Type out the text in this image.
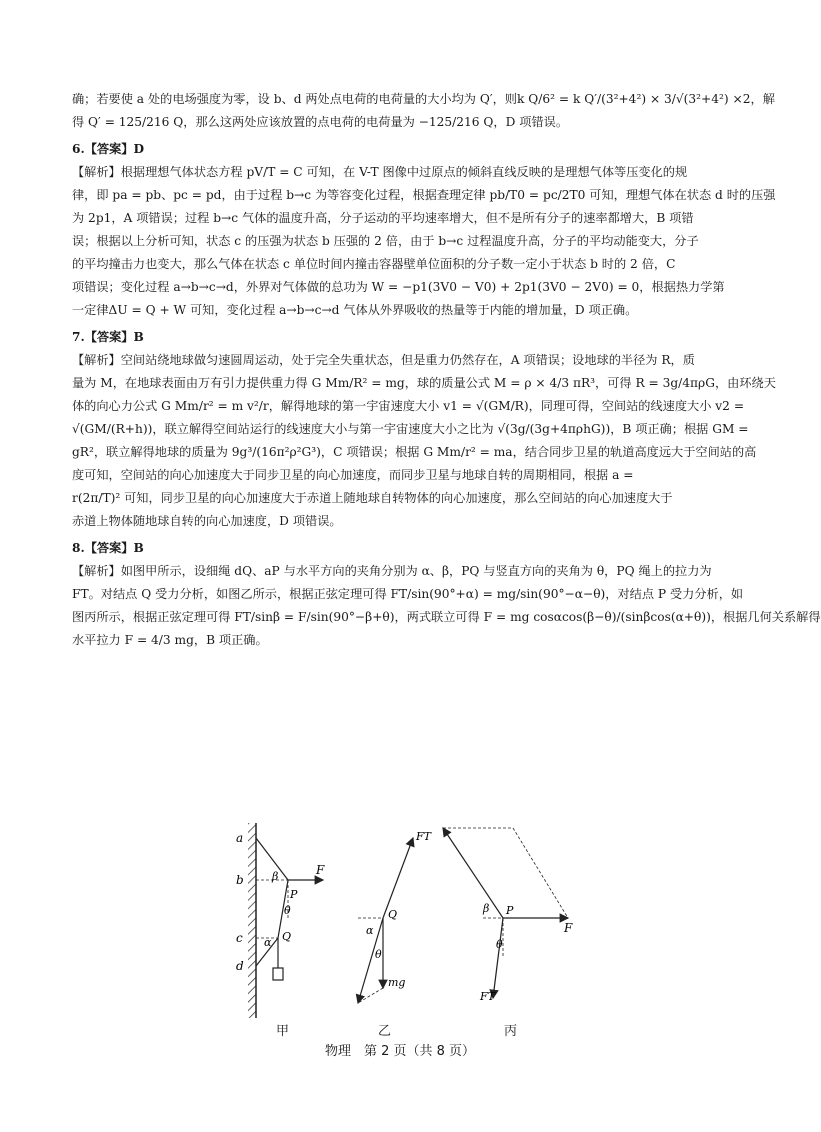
确；若要使 a 处的电场强度为零，设 b、d 两处点电荷的电荷量的大小均为 Q′，则k Q/6² = k Q′/(3²+4²) × 3/√(3²+4²) ×2，解

得 Q′ = 125/216 Q，那么这两处应该放置的点电荷的电荷量为 −125/216 Q，D 项错误。

6.【答案】D

【解析】根据理想气体状态方程 pV/T = C 可知，在 V-T 图像中过原点的倾斜直线反映的是理想气体等压变化的规

律，即 pa = pb、pc = pd，由于过程 b→c 为等容变化过程，根据查理定律 pb/T0 = pc/2T0 可知，理想气体在状态 d 时的压强

为 2p1，A 项错误；过程 b→c 气体的温度升高，分子运动的平均速率增大，但不是所有分子的速率都增大，B 项错

误；根据以上分析可知，状态 c 的压强为状态 b 压强的 2 倍，由于 b→c 过程温度升高，分子的平均动能变大，分子

的平均撞击力也变大，那么气体在状态 c 单位时间内撞击容器壁单位面积的分子数一定小于状态 b 时的 2 倍，C

项错误；变化过程 a→b→c→d，外界对气体做的总功为 W = −p1(3V0 − V0) + 2p1(3V0 − 2V0) = 0，根据热力学第

一定律ΔU = Q + W 可知，变化过程 a→b→c→d 气体从外界吸收的热量等于内能的增加量，D 项正确。

7.【答案】B

【解析】空间站绕地球做匀速圆周运动，处于完全失重状态，但是重力仍然存在，A 项错误；设地球的半径为 R，质

量为 M，在地球表面由万有引力提供重力得 G Mm/R² = mg，球的质量公式 M = ρ × 4/3 πR³，可得 R = 3g/4πρG，由环绕天

体的向心力公式 G Mm/r² = m v²/r，解得地球的第一宇宙速度大小 v1 = √(GM/R)，同理可得，空间站的线速度大小 v2 =

√(GM/(R+h))，联立解得空间站运行的线速度大小与第一宇宙速度大小之比为 √(3g/(3g+4πρhG))，B 项正确；根据 GM =

gR²，联立解得地球的质量为 9g³/(16π²ρ²G³)，C 项错误；根据 G Mm/r² = ma，结合同步卫星的轨道高度远大于空间站的高

度可知，空间站的向心加速度大于同步卫星的向心加速度，而同步卫星与地球自转的周期相同，根据 a =

r(2π/T)² 可知，同步卫星的向心加速度大于赤道上随地球自转物体的向心加速度，那么空间站的向心加速度大于

赤道上物体随地球自转的向心加速度，D 项错误。

8.【答案】B

【解析】如图甲所示，设细绳 dQ、aP 与水平方向的夹角分别为 α、β，PQ 与竖直方向的夹角为 θ，PQ 绳上的拉力为

FT。对结点 Q 受力分析，如图乙所示，根据正弦定理可得 FT/sin(90°+α) = mg/sin(90°−α−θ)，对结点 P 受力分析，如

图丙所示，根据正弦定理可得 FT/sinβ = F/sin(90°−β+θ)，两式联立可得 F = mg cosαcos(β−θ)/(sinβcos(α+θ))，根据几何关系解得

水平拉力 F = 4/3 mg，B 项正确。

a
b
c
d
β
α
θ
P
Q
F
FT
Q
α
θ
mg
F
P
β
θ
FT
甲	乙	丙
物理　第 2 页（共 8 页）
